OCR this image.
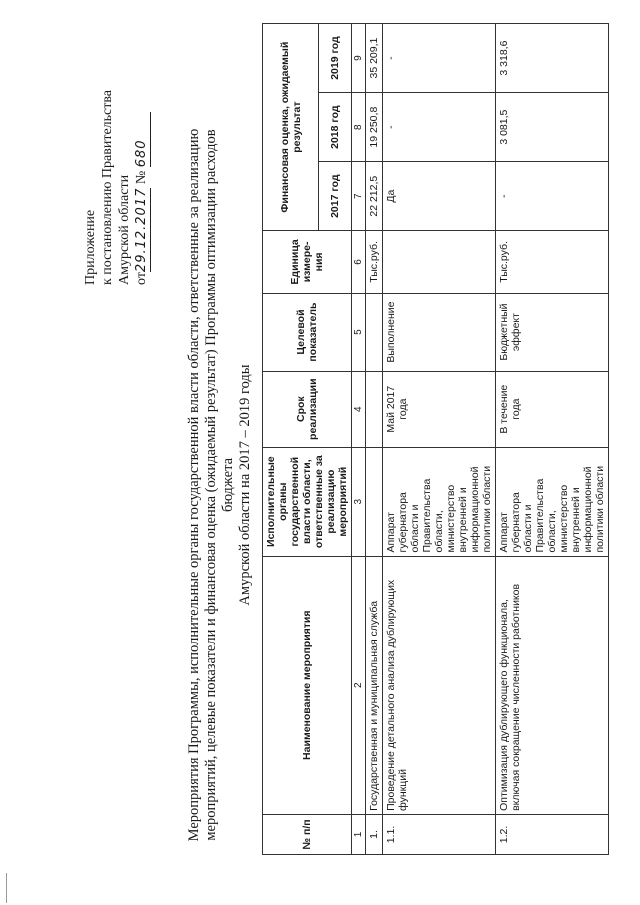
Приложение к постановлению Правительства Амурской области от29.12.2017 № 680	Мероприятия Программы, исполнительные органы государственной власти области, ответственные за реализацию мероприятий, целевые показатели и финансовая оценка (ожидаемый результат) Программы оптимизации расходов бюджета Амурской области на 2017 – 2019 годы
№ п/п	Наименование мероприятия	Исполнительные органы государственной власти области, ответственные за реализацию мероприятий	Срок реализации	Целевой показатель	Единица измере-ния	Финансовая оценка, ожидаемый результат		
						2017 год	2018 год	2019 год
1	2	3	4	5	6	7	8	9
1.	Государственная и муниципальная служба				Тыс.руб.	22 212,5	19 250,8	35 209,1
1.1.	Проведение детального анализа дублирующих функций	Аппарат губернатора области и Правительства области, министерство внутренней и информационной политики области	Май 2017 года	Выполнение		Да	-	-
1.2.	Оптимизация дублирующего функционала, включая сокращение численности работников	Аппарат губернатора области и Правительства области, министерство внутренней и информационной политики области	В течение года	Бюджетный эффект	Тыс.руб.	-	3 081,5	3 318,6
